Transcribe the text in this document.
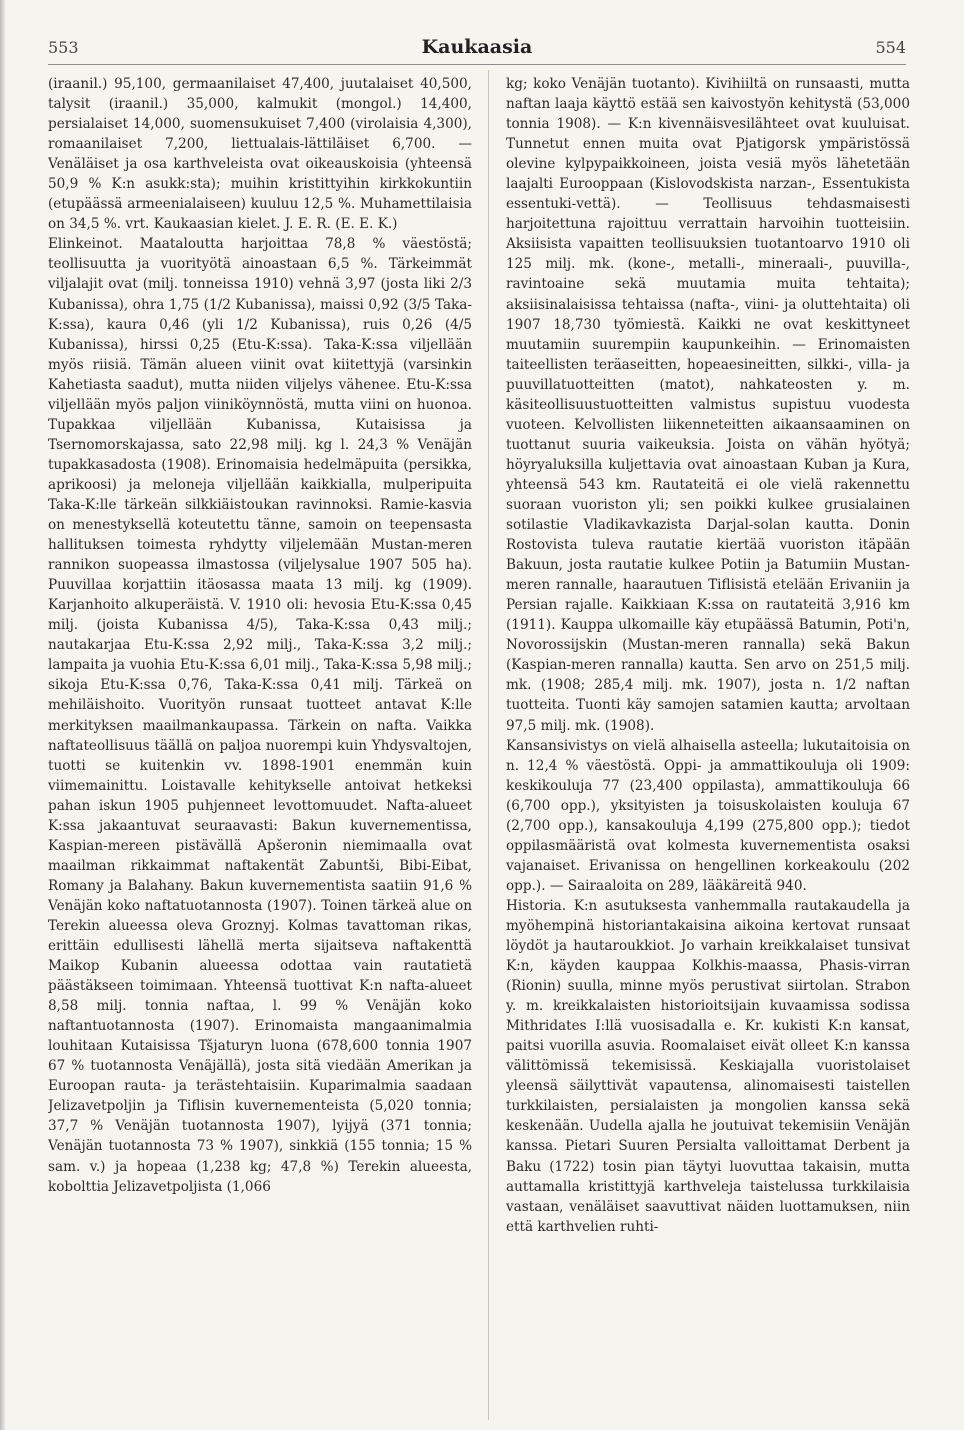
553	Kaukaasia	554

(iraanil.) 95,100, germaanilaiset 47,400, juutalaiset 40,500, talysit (iraanil.) 35,000, kalmukit (mongol.) 14,400, persialaiset 14,000, suomensukuiset 7,400 (virolaisia 4,300), romaanilaiset 7,200, liettualais-lättiläiset 6,700. — Venäläiset ja osa karthveleista ovat oikeauskoisia (yhteensä 50,9 % K:n asukk:sta); muihin kristittyihin kirkkokuntiin (etupäässä armeenialaiseen) kuuluu 12,5 %. Muhamettilaisia on 34,5 %. vrt. Kaukaasian kielet. J. E. R. (E. E. K.)

Elinkeinot. Maataloutta harjoittaa 78,8 % väestöstä; teollisuutta ja vuorityötä ainoastaan 6,5 %. Tärkeimmät viljalajit ovat (milj. tonneissa 1910) vehnä 3,97 (josta liki 2/3 Kubanissa), ohra 1,75 (1/2 Kubanissa), maissi 0,92 (3/5 Taka-K:ssa), kaura 0,46 (yli 1/2 Kubanissa), ruis 0,26 (4/5 Kubanissa), hirssi 0,25 (Etu-K:ssa). Taka-K:ssa viljellään myös riisiä. Tämän alueen viinit ovat kiitettyjä (varsinkin Kahetiasta saadut), mutta niiden viljelys vähenee. Etu-K:ssa viljellään myös paljon viiniköynnöstä, mutta viini on huonoa. Tupakkaa viljellään Kubanissa, Kutaisissa ja Tsernomorskajassa, sato 22,98 milj. kg l. 24,3 % Venäjän tupakkasadosta (1908). Erinomaisia hedelmäpuita (persikka, aprikoosi) ja meloneja viljellään kaikkialla, mulperipuita Taka-K:lle tärkeän silkkiäistoukan ravinnoksi. Ramie-kasvia on menestyksellä koteutettu tänne, samoin on teepensasta hallituksen toimesta ryhdytty viljelemään Mustan-meren rannikon suopeassa ilmastossa (viljelysalue 1907 505 ha). Puuvillaa korjattiin itäosassa maata 13 milj. kg (1909). Karjanhoito alkuperäistä. V. 1910 oli: hevosia Etu-K:ssa 0,45 milj. (joista Kubanissa 4/5), Taka-K:ssa 0,43 milj.; nautakarjaa Etu-K:ssa 2,92 milj., Taka-K:ssa 3,2 milj.; lampaita ja vuohia Etu-K:ssa 6,01 milj., Taka-K:ssa 5,98 milj.; sikoja Etu-K:ssa 0,76, Taka-K:ssa 0,41 milj. Tärkeä on mehiläishoito. Vuorityön runsaat tuotteet antavat K:lle merkityksen maailmankaupassa. Tärkein on nafta. Vaikka naftateollisuus täällä on paljoa nuorempi kuin Yhdysvaltojen, tuotti se kuitenkin vv. 1898-1901 enemmän kuin viimemainittu. Loistavalle kehitykselle antoivat hetkeksi pahan iskun 1905 puhjenneet levottomuudet. Nafta-alueet K:ssa jakaantuvat seuraavasti: Bakun kuvernementissa, Kaspian-mereen pistävällä Apšeronin niemimaalla ovat maailman rikkaimmat naftakentät Zabuntši, Bibi-Eibat, Romany ja Balahany. Bakun kuvernementista saatiin 91,6 % Venäjän koko naftatuotannosta (1907). Toinen tärkeä alue on Terekin alueessa oleva Groznyj. Kolmas tavattoman rikas, erittäin edullisesti lähellä merta sijaitseva naftakenttä Maikop Kubanin alueessa odottaa vain rautatietä päästäkseen toimimaan. Yhteensä tuottivat K:n nafta-alueet 8,58 milj. tonnia naftaa, l. 99 % Venäjän koko naftantuotannosta (1907). Erinomaista mangaanimalmia louhitaan Kutaisissa Tšjaturyn luona (678,600 tonnia 1907 67 % tuotannosta Venäjällä), josta sitä viedään Amerikan ja Euroopan rauta- ja terästehtaisiin. Kuparimalmia saadaan Jelizavetpoljin ja Tiflisin kuvernementeista (5,020 tonnia; 37,7 % Venäjän tuotannosta 1907), lyijyä (371 tonnia; Venäjän tuotannosta 73 % 1907), sinkkiä (155 tonnia; 15 % sam. v.) ja hopeaa (1,238 kg; 47,8 %) Terekin alueesta, kobolttia Jelizavetpoljista (1,066

kg; koko Venäjän tuotanto). Kivihiiltä on runsaasti, mutta naftan laaja käyttö estää sen kaivostyön kehitystä (53,000 tonnia 1908). — K:n kivennäisvesilähteet ovat kuuluisat. Tunnetut ennen muita ovat Pjatigorsk ympäristössä olevine kylpypaikkoineen, joista vesiä myös lähetetään laajalti Eurooppaan (Kislovodskista narzan-, Essentukista essentuki-vettä). — Teollisuus tehdasmaisesti harjoitettuna rajoittuu verrattain harvoihin tuotteisiin. Aksiisista vapaitten teollisuuksien tuotantoarvo 1910 oli 125 milj. mk. (kone-, metalli-, mineraali-, puuvilla-, ravintoaine sekä muutamia muita tehtaita); aksiisinalaisissa tehtaissa (nafta-, viini- ja oluttehtaita) oli 1907 18,730 työmiestä. Kaikki ne ovat keskittyneet muutamiin suurempiin kaupunkeihin. — Erinomaisten taiteellisten teräaseitten, hopeaesineitten, silkki-, villa- ja puuvillatuotteitten (matot), nahkateosten y. m. käsiteollisuustuotteitten valmistus supistuu vuodesta vuoteen. Kelvollisten liikenneteitten aikaansaaminen on tuottanut suuria vaikeuksia. Joista on vähän hyötyä; höyryaluksilla kuljettavia ovat ainoastaan Kuban ja Kura, yhteensä 543 km. Rautateitä ei ole vielä rakennettu suoraan vuoriston yli; sen poikki kulkee grusialainen sotilastie Vladikavkazista Darjal-solan kautta. Donin Rostovista tuleva rautatie kiertää vuoriston itäpään Bakuun, josta rautatie kulkee Potiin ja Batumiin Mustan-meren rannalle, haarautuen Tiflisistä etelään Erivaniin ja Persian rajalle. Kaikkiaan K:ssa on rautateitä 3,916 km (1911). Kauppa ulkomaille käy etupäässä Batumin, Poti'n, Novorossijskin (Mustan-meren rannalla) sekä Bakun (Kaspian-meren rannalla) kautta. Sen arvo on 251,5 milj. mk. (1908; 285,4 milj. mk. 1907), josta n. 1/2 naftan tuotteita. Tuonti käy samojen satamien kautta; arvoltaan 97,5 milj. mk. (1908).

Kansansivistys on vielä alhaisella asteella; lukutaitoisia on n. 12,4 % väestöstä. Oppi- ja ammattikouluja oli 1909: keskikouluja 77 (23,400 oppilasta), ammattikouluja 66 (6,700 opp.), yksityisten ja toisuskolaisten kouluja 67 (2,700 opp.), kansakouluja 4,199 (275,800 opp.); tiedot oppilasmääristä ovat kolmesta kuvernementista osaksi vajanaiset. Erivanissa on hengellinen korkeakoulu (202 opp.). — Sairaaloita on 289, lääkäreitä 940.

Historia. K:n asutuksesta vanhemmalla rautakaudella ja myöhempinä historiantakaisina aikoina kertovat runsaat löydöt ja hautaroukkiot. Jo varhain kreikkalaiset tunsivat K:n, käyden kauppaa Kolkhis-maassa, Phasis-virran (Rionin) suulla, minne myös perustivat siirtolan. Strabon y. m. kreikkalaisten historioitsijain kuvaamissa sodissa Mithridates I:llä vuosisadalla e. Kr. kukisti K:n kansat, paitsi vuorilla asuvia. Roomalaiset eivät olleet K:n kanssa välittömissä tekemisissä. Keskiajalla vuoristolaiset yleensä säilyttivät vapautensa, alinomaisesti taistellen turkkilaisten, persialaisten ja mongolien kanssa sekä keskenään. Uudella ajalla he joutuivat tekemisiin Venäjän kanssa. Pietari Suuren Persialta valloittamat Derbent ja Baku (1722) tosin pian täytyi luovuttaa takaisin, mutta auttamalla kristittyjä karthveleja taistelussa turkkilaisia vastaan, venäläiset saavuttivat näiden luottamuksen, niin että karthvelien ruhti-
